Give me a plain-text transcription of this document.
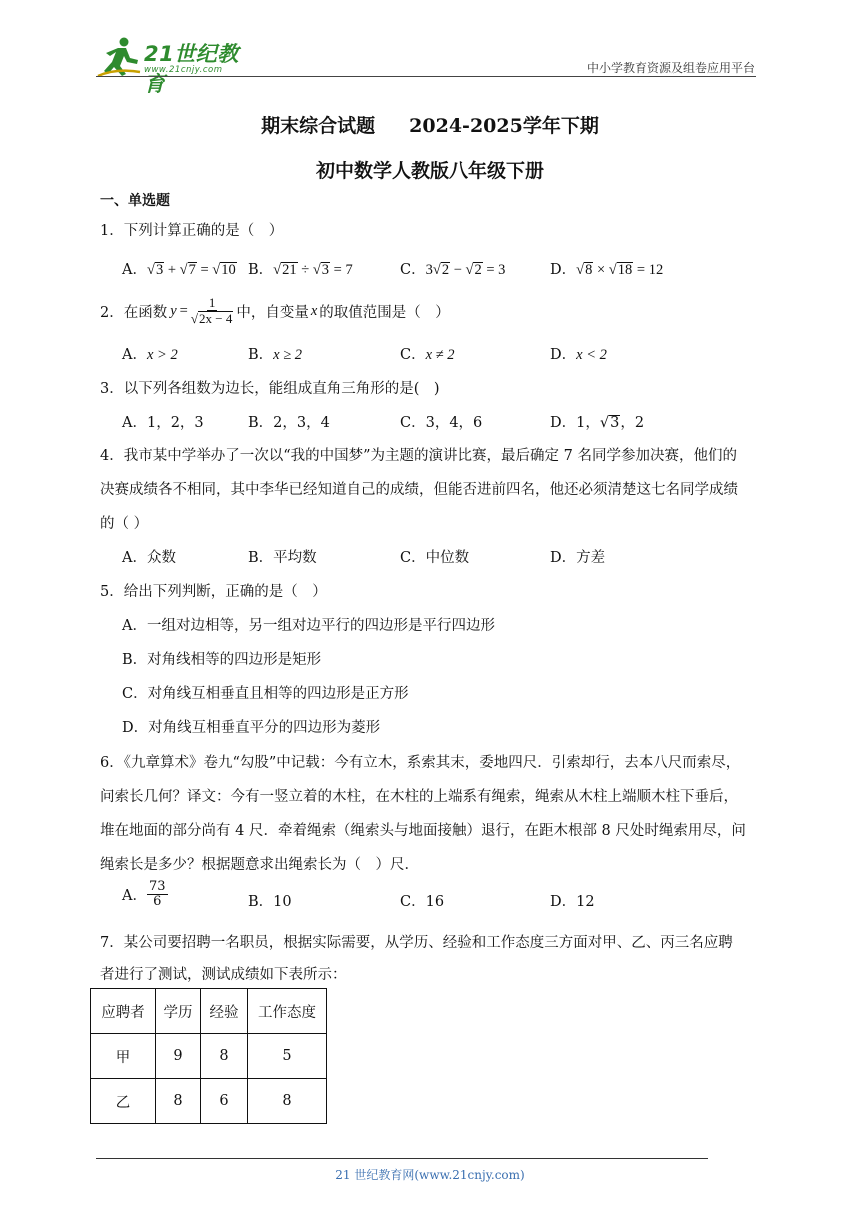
21世纪教育
www.21cnjy.com	中小学教育资源及组卷应用平台
期末综合试题 2024-2025学年下期
初中数学人教版八年级下册
一、单选题
1．下列计算正确的是（　）
A．√3 + √7 = √10 B．√21 ÷ √3 = 7	C．3√2 − √2 = 3	D．√8 × √18 = 12
2．在函数 $y = \frac{1}{√2x - 4}$ 中，自变量 x 的取值范围是（　）
A．x > 2	B．x ≥ 2	C．x ≠ 2	D．x < 2
3．以下列各组数为边长，能组成直角三角形的是(　)
A．1，2，3	B．2，3，4	C．3，4，6	D．1，√3，2
4．我市某中学举办了一次以“我的中国梦”为主题的演讲比赛，最后确定 7 名同学参加决赛，他们的
决赛成绩各不相同，其中李华已经知道自己的成绩，但能否进前四名，他还必须清楚这七名同学成绩
的（ ）
A．众数	B．平均数	C．中位数	D．方差
5．给出下列判断，正确的是（　）
A．一组对边相等，另一组对边平行的四边形是平行四边形
B．对角线相等的四边形是矩形
C．对角线互相垂直且相等的四边形是正方形
D．对角线互相垂直平分的四边形为菱形
6．《九章算术》卷九“勾股”中记载：今有立木，系索其末，委地四尺．引索却行，去本八尺而索尽，
问索长几何？译文：今有一竖立着的木柱，在木柱的上端系有绳索，绳索从木柱上端顺木柱下垂后，
堆在地面的部分尚有 4 尺．牵着绳索（绳索头与地面接触）退行，在距木根部 8 尺处时绳索用尽，问
绳索长是多少？根据题意求出绳索长为（　）尺．
A． $\frac{73}{6}$	B．10	C．16	D．12
7．某公司要招聘一名职员，根据实际需要，从学历、经验和工作态度三方面对甲、乙、丙三名应聘
者进行了测试，测试成绩如下表所示：
应聘者	学历	经验	工作态度
甲	9	8	5
乙	8	6	8
21 世纪教育网(www.21cnjy.com)
